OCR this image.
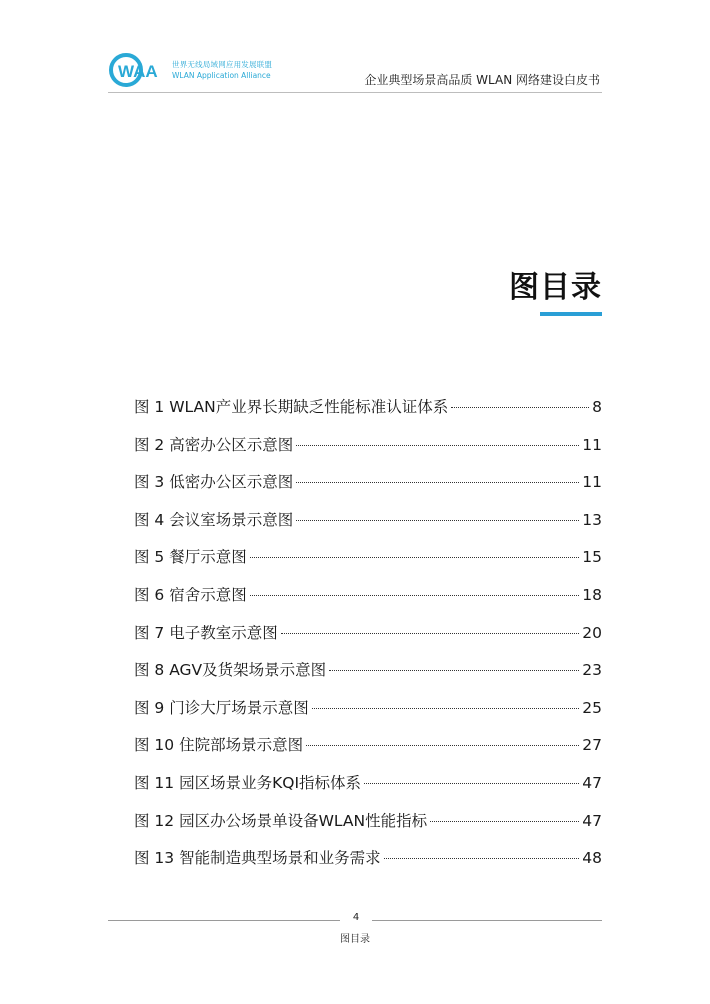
WAA 世界无线局域网应用发展联盟
WLAN Application Alliance	企业典型场景高品质 WLAN 网络建设白皮书
图目录
图 1 WLAN产业界长期缺乏性能标准认证体系	8
图 2 高密办公区示意图	11
图 3 低密办公区示意图	11
图 4 会议室场景示意图	13
图 5 餐厅示意图	15
图 6 宿舍示意图	18
图 7 电子教室示意图	20
图 8 AGV及货架场景示意图	23
图 9 门诊大厅场景示意图	25
图 10 住院部场景示意图	27
图 11 园区场景业务KQI指标体系	47
图 12 园区办公场景单设备WLAN性能指标	47
图 13 智能制造典型场景和业务需求	48
4
图目录
